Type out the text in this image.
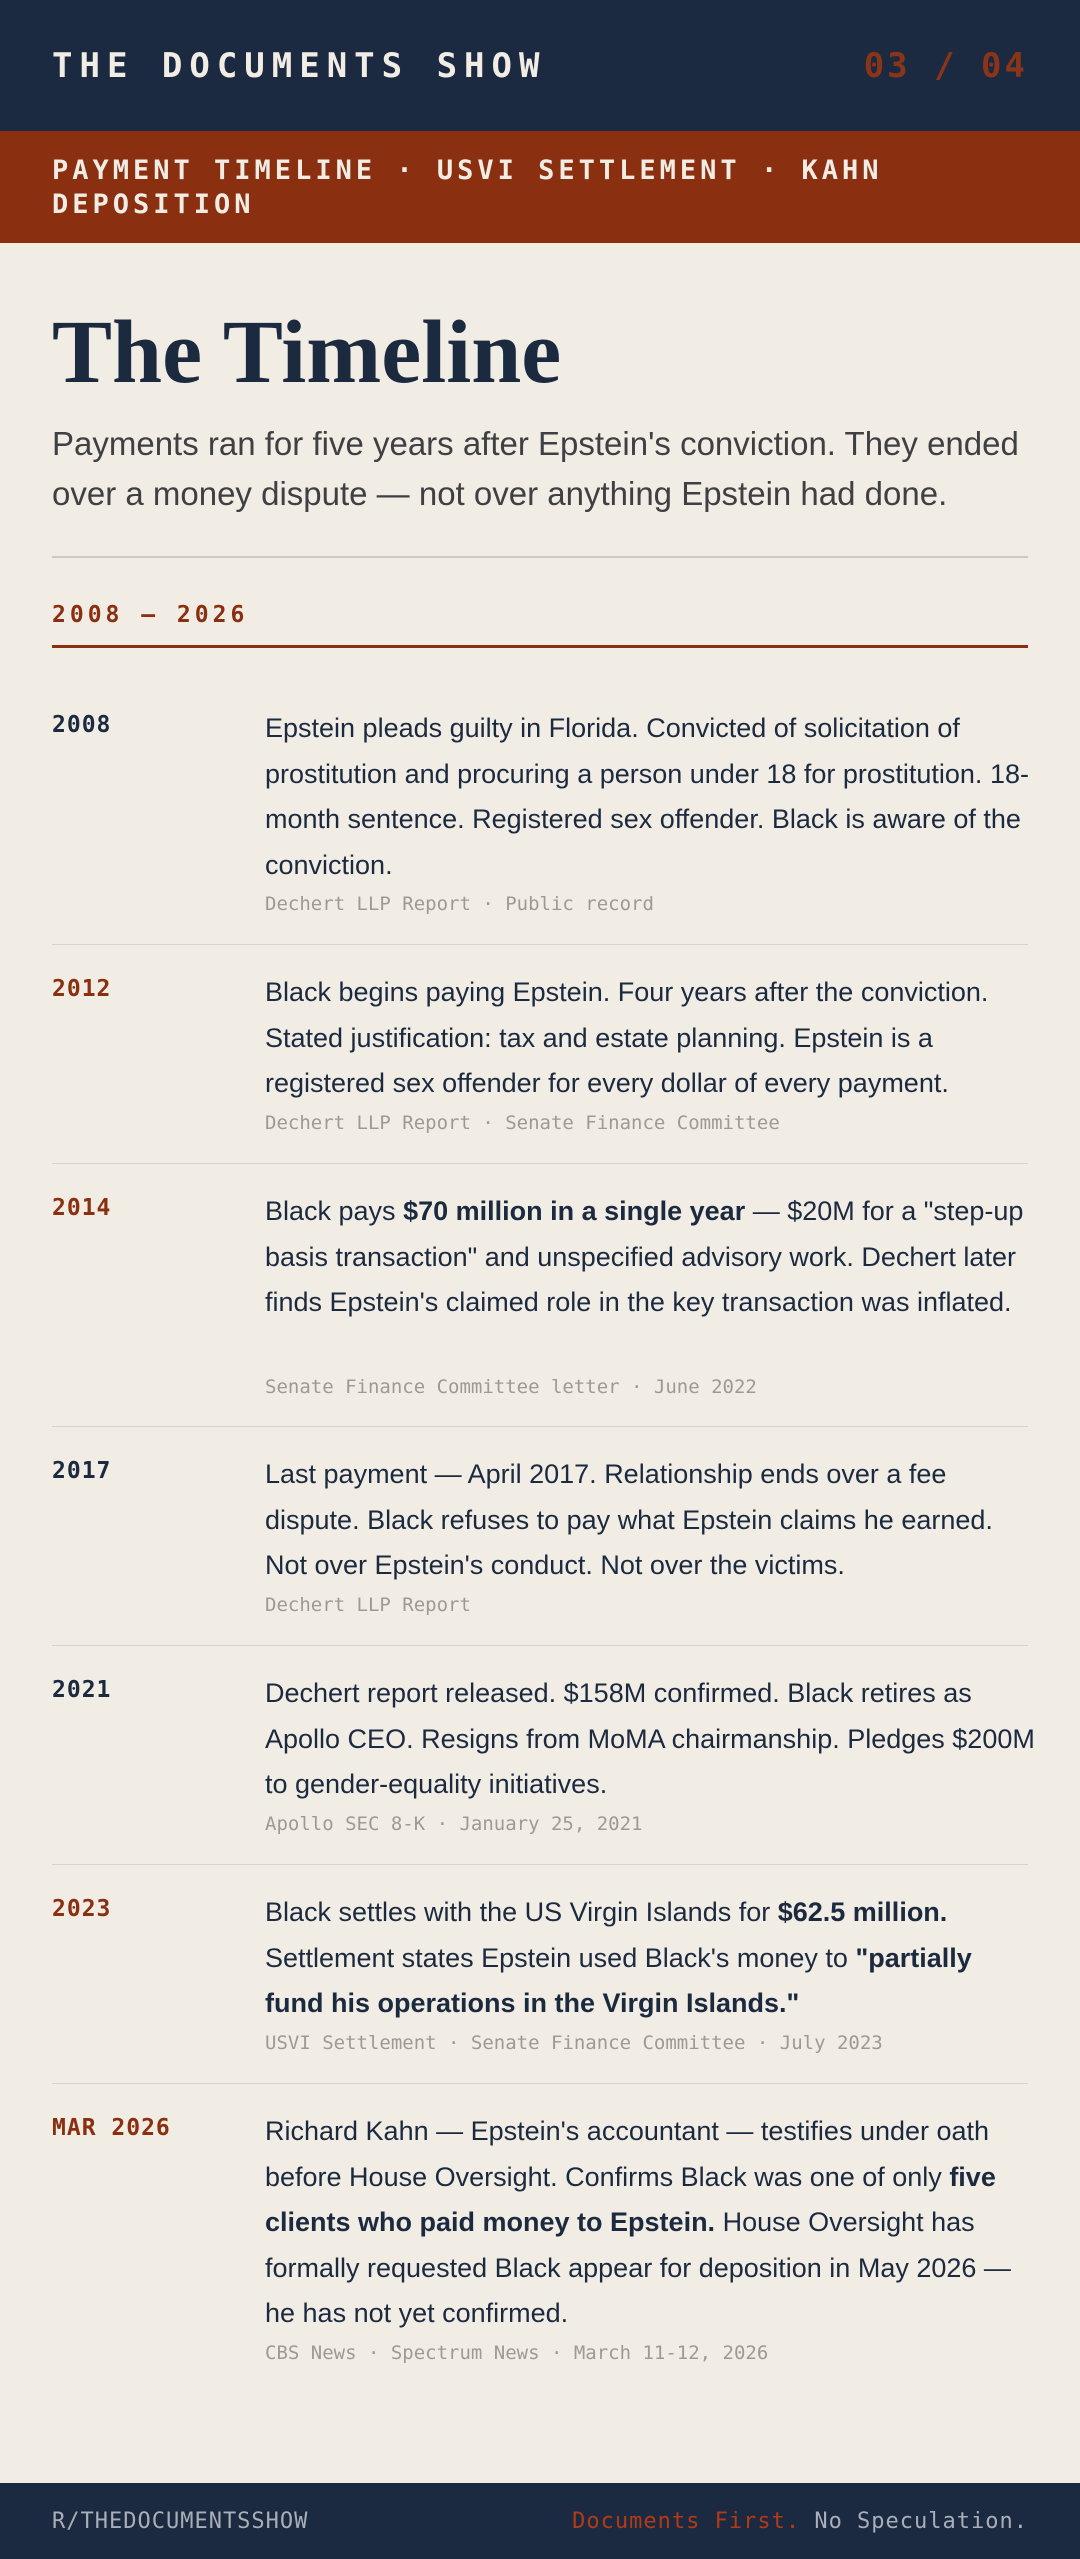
THE DOCUMENTS SHOW	03 / 04
PAYMENT TIMELINE · USVI SETTLEMENT · KAHN DEPOSITION
The Timeline

Payments ran for five years after Epstein's conviction. They ended over a money dispute — not over anything Epstein had done.

2008 – 2026
2008	Epstein pleads guilty in Florida. Convicted of solicitation of prostitution and procuring a person under 18 for prostitution. 18-month sentence. Registered sex offender. Black is aware of the conviction.
Dechert LLP Report · Public record
2012	Black begins paying Epstein. Four years after the conviction. Stated justification: tax and estate planning. Epstein is a registered sex offender for every dollar of every payment.
Dechert LLP Report · Senate Finance Committee
2014	Black pays $70 million in a single year — $20M for a "step-up basis transaction" and unspecified advisory work. Dechert later finds Epstein's claimed role in the key transaction was inflated.
Senate Finance Committee letter · June 2022
2017	Last payment — April 2017. Relationship ends over a fee dispute. Black refuses to pay what Epstein claims he earned. Not over Epstein's conduct. Not over the victims.
Dechert LLP Report
2021	Dechert report released. $158M confirmed. Black retires as Apollo CEO. Resigns from MoMA chairmanship. Pledges $200M to gender-equality initiatives.
Apollo SEC 8-K · January 25, 2021
2023	Black settles with the US Virgin Islands for $62.5 million. Settlement states Epstein used Black's money to "partially fund his operations in the Virgin Islands."
USVI Settlement · Senate Finance Committee · July 2023
MAR 2026	Richard Kahn — Epstein's accountant — testifies under oath before House Oversight. Confirms Black was one of only five clients who paid money to Epstein. House Oversight has formally requested Black appear for deposition in May 2026 — he has not yet confirmed.
CBS News · Spectrum News · March 11-12, 2026
R/THEDOCUMENTSSHOW	Documents First. No Speculation.
